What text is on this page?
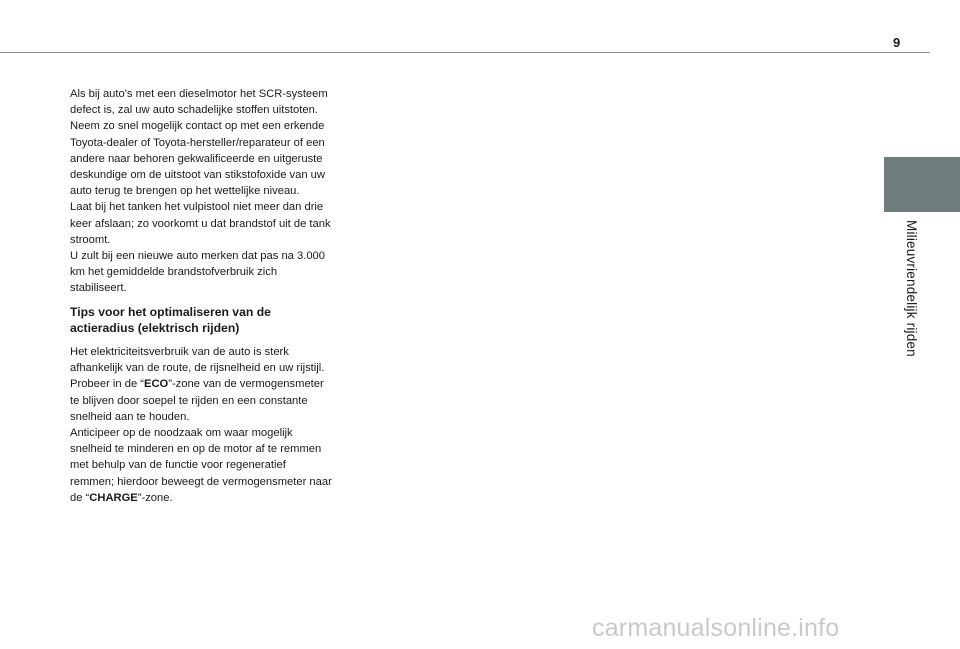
9
Milieuvriendelijk rijden

Als bij auto's met een dieselmotor het SCR-systeem defect is, zal uw auto schadelijke stoffen uitstoten. Neem zo snel mogelijk contact op met een erkende Toyota-dealer of Toyota-hersteller/reparateur of een andere naar behoren gekwalificeerde en uitgeruste deskundige om de uitstoot van stikstofoxide van uw auto terug te brengen op het wettelijke niveau.

Laat bij het tanken het vulpistool niet meer dan drie keer afslaan; zo voorkomt u dat brandstof uit de tank stroomt.

U zult bij een nieuwe auto merken dat pas na 3.000 km het gemiddelde brandstofverbruik zich stabiliseert.

Tips voor het optimaliseren van de actieradius (elektrisch rijden)

Het elektriciteitsverbruik van de auto is sterk afhankelijk van de route, de rijsnelheid en uw rijstijl.

Probeer in de “ECO”-zone van de vermogensmeter te blijven door soepel te rijden en een constante snelheid aan te houden.

Anticipeer op de noodzaak om waar mogelijk snelheid te minderen en op de motor af te remmen met behulp van de functie voor regeneratief remmen; hierdoor beweegt de vermogensmeter naar de “CHARGE”-zone.

carmanualsonline.info
